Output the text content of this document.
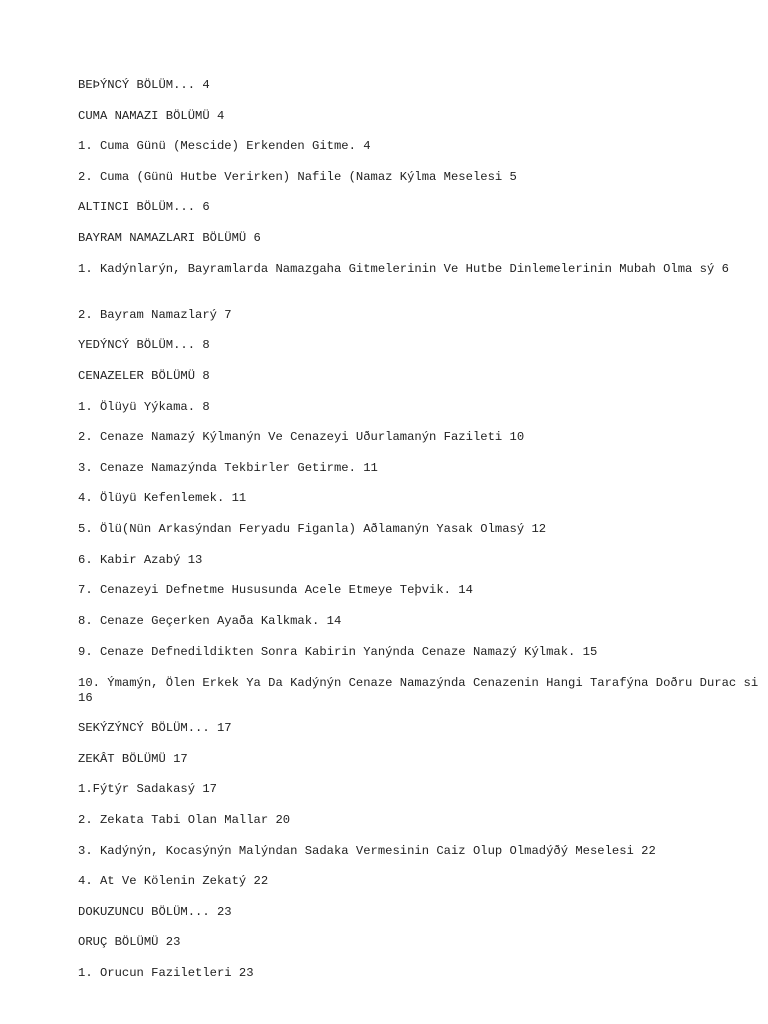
BEÞÝNCÝ BÖLÜM... 4

CUMA NAMAZI BÖLÜMÜ 4

1. Cuma Günü (Mescide) Erkenden Gitme. 4

2. Cuma (Günü Hutbe Verirken) Nafile (Namaz Kýlma Meselesi 5

ALTINCI BÖLÜM... 6

BAYRAM NAMAZLARI BÖLÜMÜ 6

1. Kadýnlarýn, Bayramlarda Namazgaha Gitmelerinin Ve Hutbe Dinlemelerinin Mubah Olma sý 6

2. Bayram Namazlarý 7

YEDÝNCÝ BÖLÜM... 8

CENAZELER BÖLÜMÜ 8

1. Ölüyü Yýkama. 8

2. Cenaze Namazý Kýlmanýn Ve Cenazeyi Uðurlamanýn Fazileti 10

3. Cenaze Namazýnda Tekbirler Getirme. 11

4. Ölüyü Kefenlemek. 11

5. Ölü(Nün Arkasýndan Feryadu Figanla) Aðlamanýn Yasak Olmasý 12

6. Kabir Azabý 13

7. Cenazeyi Defnetme Hususunda Acele Etmeye Teþvik. 14

8. Cenaze Geçerken Ayaða Kalkmak. 14

9. Cenaze Defnedildikten Sonra Kabirin Yanýnda Cenaze Namazý Kýlmak. 15

10. Ýmamýn, Ölen Erkek Ya Da Kadýnýn Cenaze Namazýnda Cenazenin Hangi Tarafýna Doðru Durac si 16

SEKÝZÝNCÝ BÖLÜM... 17

ZEKÂT BÖLÜMÜ 17

1.Fýtýr Sadakasý 17

2. Zekata Tabi Olan Mallar 20

3. Kadýnýn, Kocasýnýn Malýndan Sadaka Vermesinin Caiz Olup Olmadýðý Meselesi 22

4. At Ve Kölenin Zekatý 22

DOKUZUNCU BÖLÜM... 23

ORUÇ BÖLÜMÜ 23

1. Orucun Faziletleri 23
